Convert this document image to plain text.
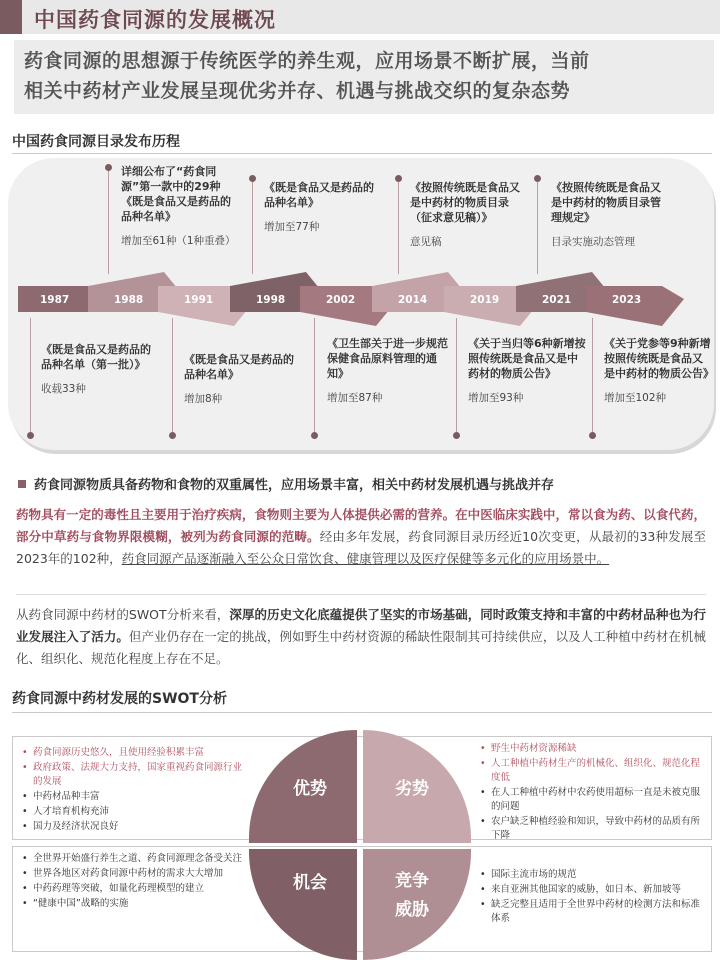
中国药食同源的发展概况
药食同源的思想源于传统医学的养生观，应用场景不断扩展，当前
相关中药材产业发展呈现优劣并存、机遇与挑战交织的复杂态势
中国药食同源目录发布历程
详细公布了“药食同源”第一款中的29种《既是食品又是药品的品种名单》
增加至61种（1种重叠）
《既是食品又是药品的品种名单》
增加至77种
《按照传统既是食品又是中药材的物质目录（征求意见稿）》
意见稿
《按照传统既是食品又是中药材的物质目录管理规定》
目录实施动态管理
《既是食品又是药品的品种名单（第一批）》
收载33种
《既是食品又是药品的品种名单》
增加8种
《卫生部关于进一步规范保健食品原料管理的通知》
增加至87种
《关于当归等6种新增按照传统既是食品又是中药材的物质公告》
增加至93种
《关于党参等9种新增按照传统既是食品又是中药材的物质公告》
增加至102种
1987	1988	1991	1998	2002	2014	2019	2021	2023
药食同源物质具备药物和食物的双重属性，应用场景丰富，相关中药材发展机遇与挑战并存
药物具有一定的毒性且主要用于治疗疾病，食物则主要为人体提供必需的营养。在中医临床实践中，常以食为药、以食代药，部分中草药与食物界限模糊，被列为药食同源的范畴。经由多年发展，药食同源目录历经近10次变更，从最初的33种发展至2023年的102种，药食同源产品逐渐融入至公众日常饮食、健康管理以及医疗保健等多元化的应用场景中。
从药食同源中药材的SWOT分析来看，深厚的历史文化底蕴提供了坚实的市场基础，同时政策支持和丰富的中药材品种也为行业发展注入了活力。但产业仍存在一定的挑战，例如野生中药材资源的稀缺性限制其可持续供应，以及人工种植中药材在机械化、组织化、规范化程度上存在不足。
药食同源中药材发展的SWOT分析
优势	劣势
机会	竞争
威胁
• 药食同源历史悠久，且使用经验积累丰富
• 政府政策、法规大力支持，国家重视药食同源行业的发展
• 中药材品种丰富
• 人才培育机构充沛
• 国力及经济状况良好
• 野生中药材资源稀缺
• 人工种植中药材生产的机械化、组织化、规范化程度低
• 在人工种植中药材中农药使用超标一直是未被克服的问题
• 农户缺乏种植经验和知识，导致中药材的品质有所下降
• 全世界开始盛行养生之道、药食同源理念备受关注
• 世界各地区对药食同源中药材的需求大大增加
• 中药药理等突破，如量化药理模型的建立
• “健康中国”战略的实施
• 国际主流市场的规范
• 来自亚洲其他国家的威胁，如日本、新加坡等
• 缺乏完整且适用于全世界中药材的检测方法和标准体系
